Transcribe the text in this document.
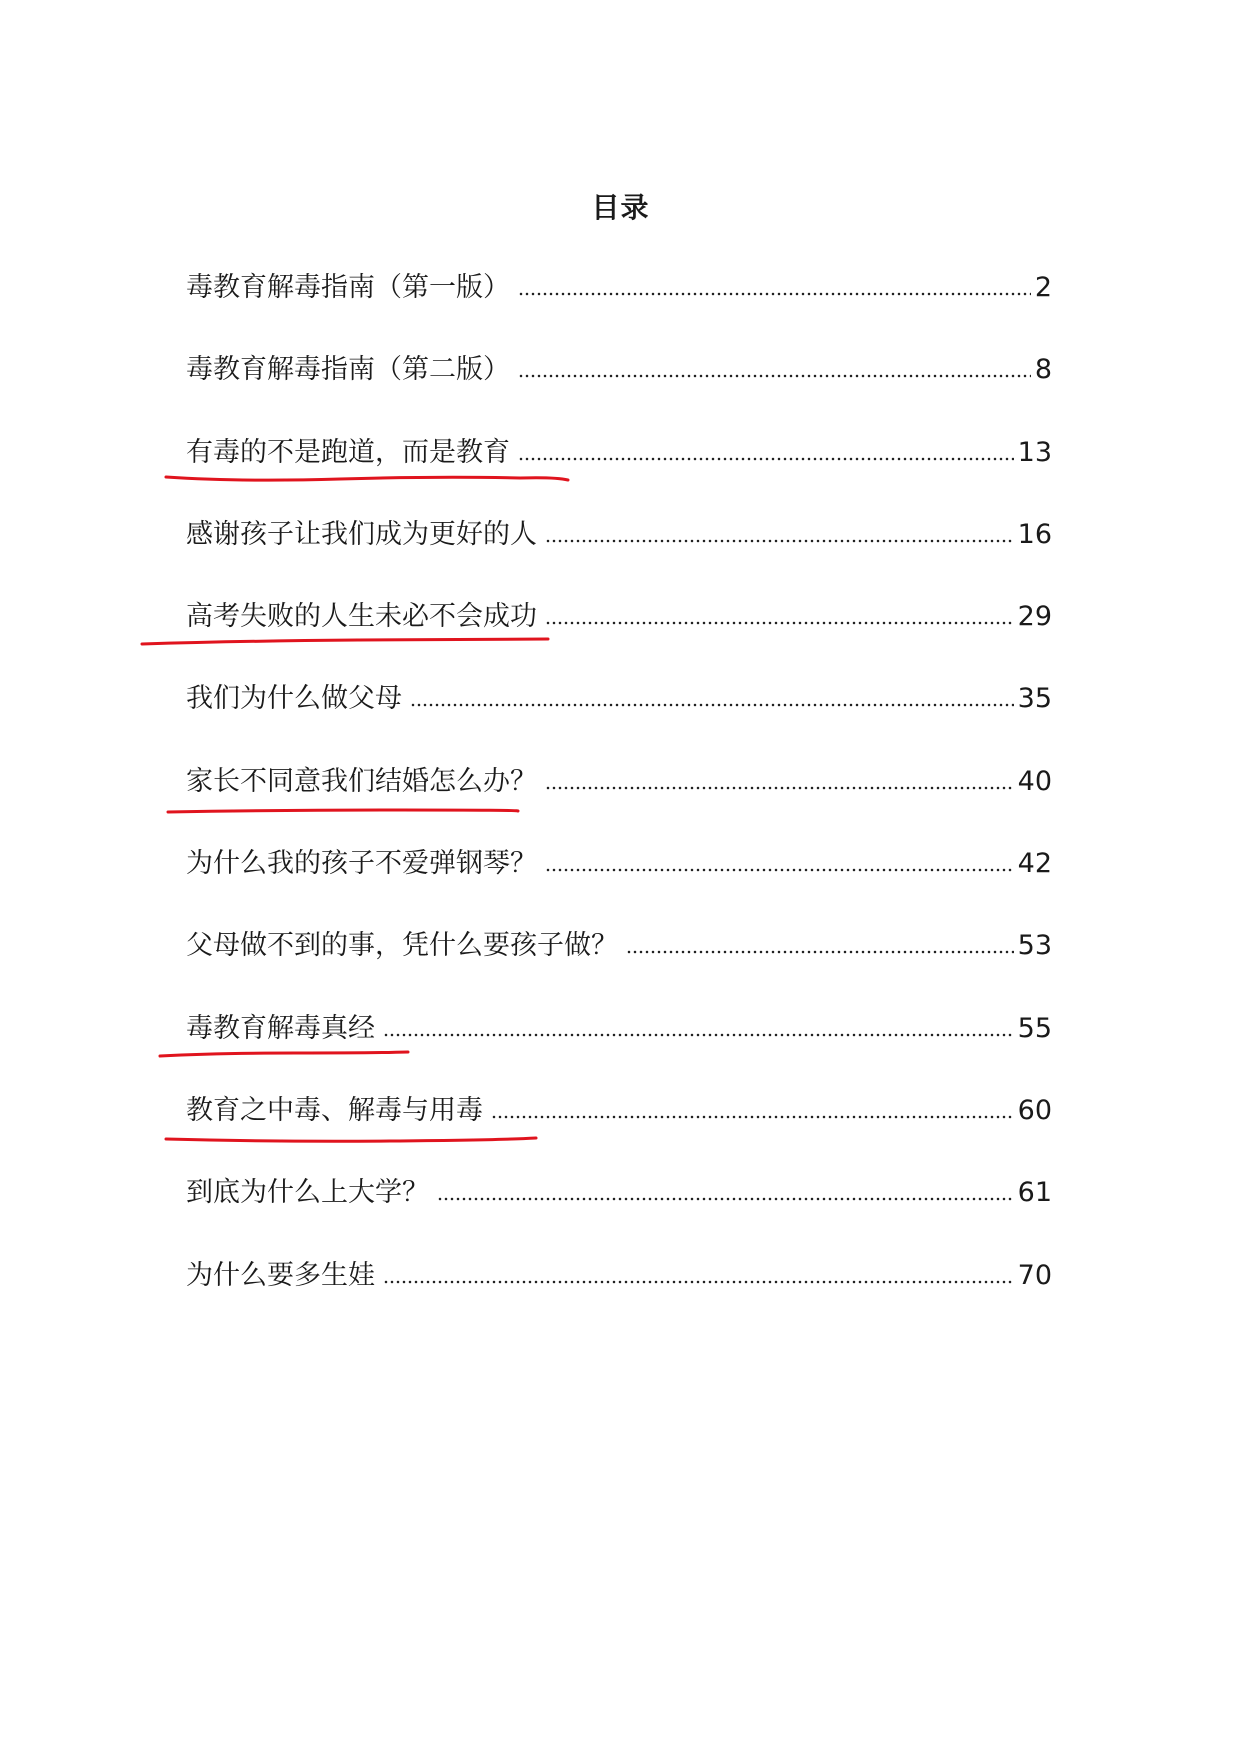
目录
毒教育解毒指南（第一版）	2
毒教育解毒指南（第二版）	8
有毒的不是跑道，而是教育	13
感谢孩子让我们成为更好的人	16
高考失败的人生未必不会成功	29
我们为什么做父母	35
家长不同意我们结婚怎么办？	40
为什么我的孩子不爱弹钢琴？	42
父母做不到的事，凭什么要孩子做？	53
毒教育解毒真经	55
教育之中毒、解毒与用毒	60
到底为什么上大学？	61
为什么要多生娃	70
